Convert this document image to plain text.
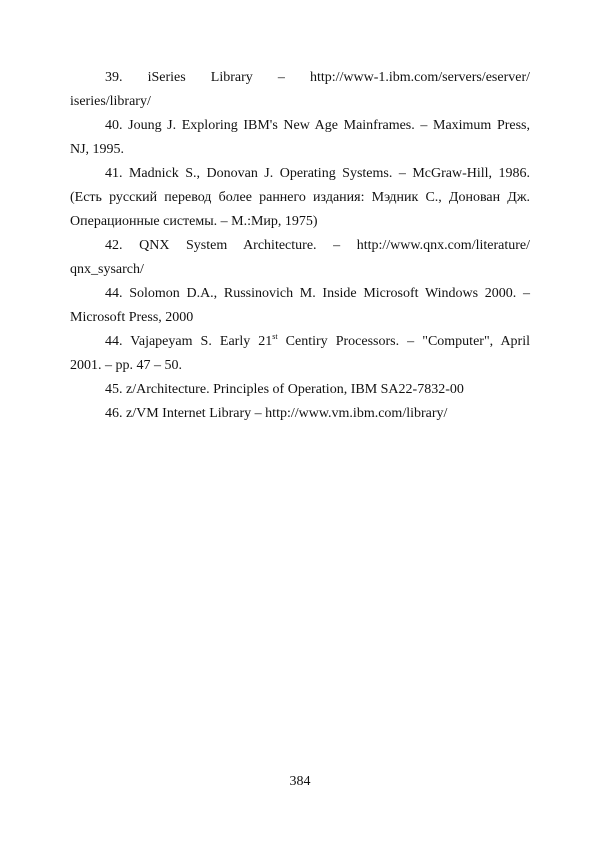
39. iSeries Library – http://www-1.ibm.com/servers/eserver/
iseries/library/

40. Joung J. Exploring IBM's New Age Mainframes. – Maximum Press,
NJ, 1995.

41. Madnick S., Donovan J. Operating Systems. – McGraw-Hill, 1986.
(Есть русский перевод более раннего издания: Мэдник С., Донован Дж.
Операционные системы. – М.:Мир, 1975)

42. QNX System Architecture. – http://www.qnx.com/literature/
qnx_sysarch/

44. Solomon D.A., Russinovich M. Inside Microsoft Windows 2000. –
Microsoft Press, 2000

44. Vajapeyam S. Early 21st Centiry Processors. – "Computer", April
2001. – pp. 47 – 50.

45. z/Architecture. Principles of Operation, IBM SA22-7832-00

46. z/VM Internet Library – http://www.vm.ibm.com/library/

384
